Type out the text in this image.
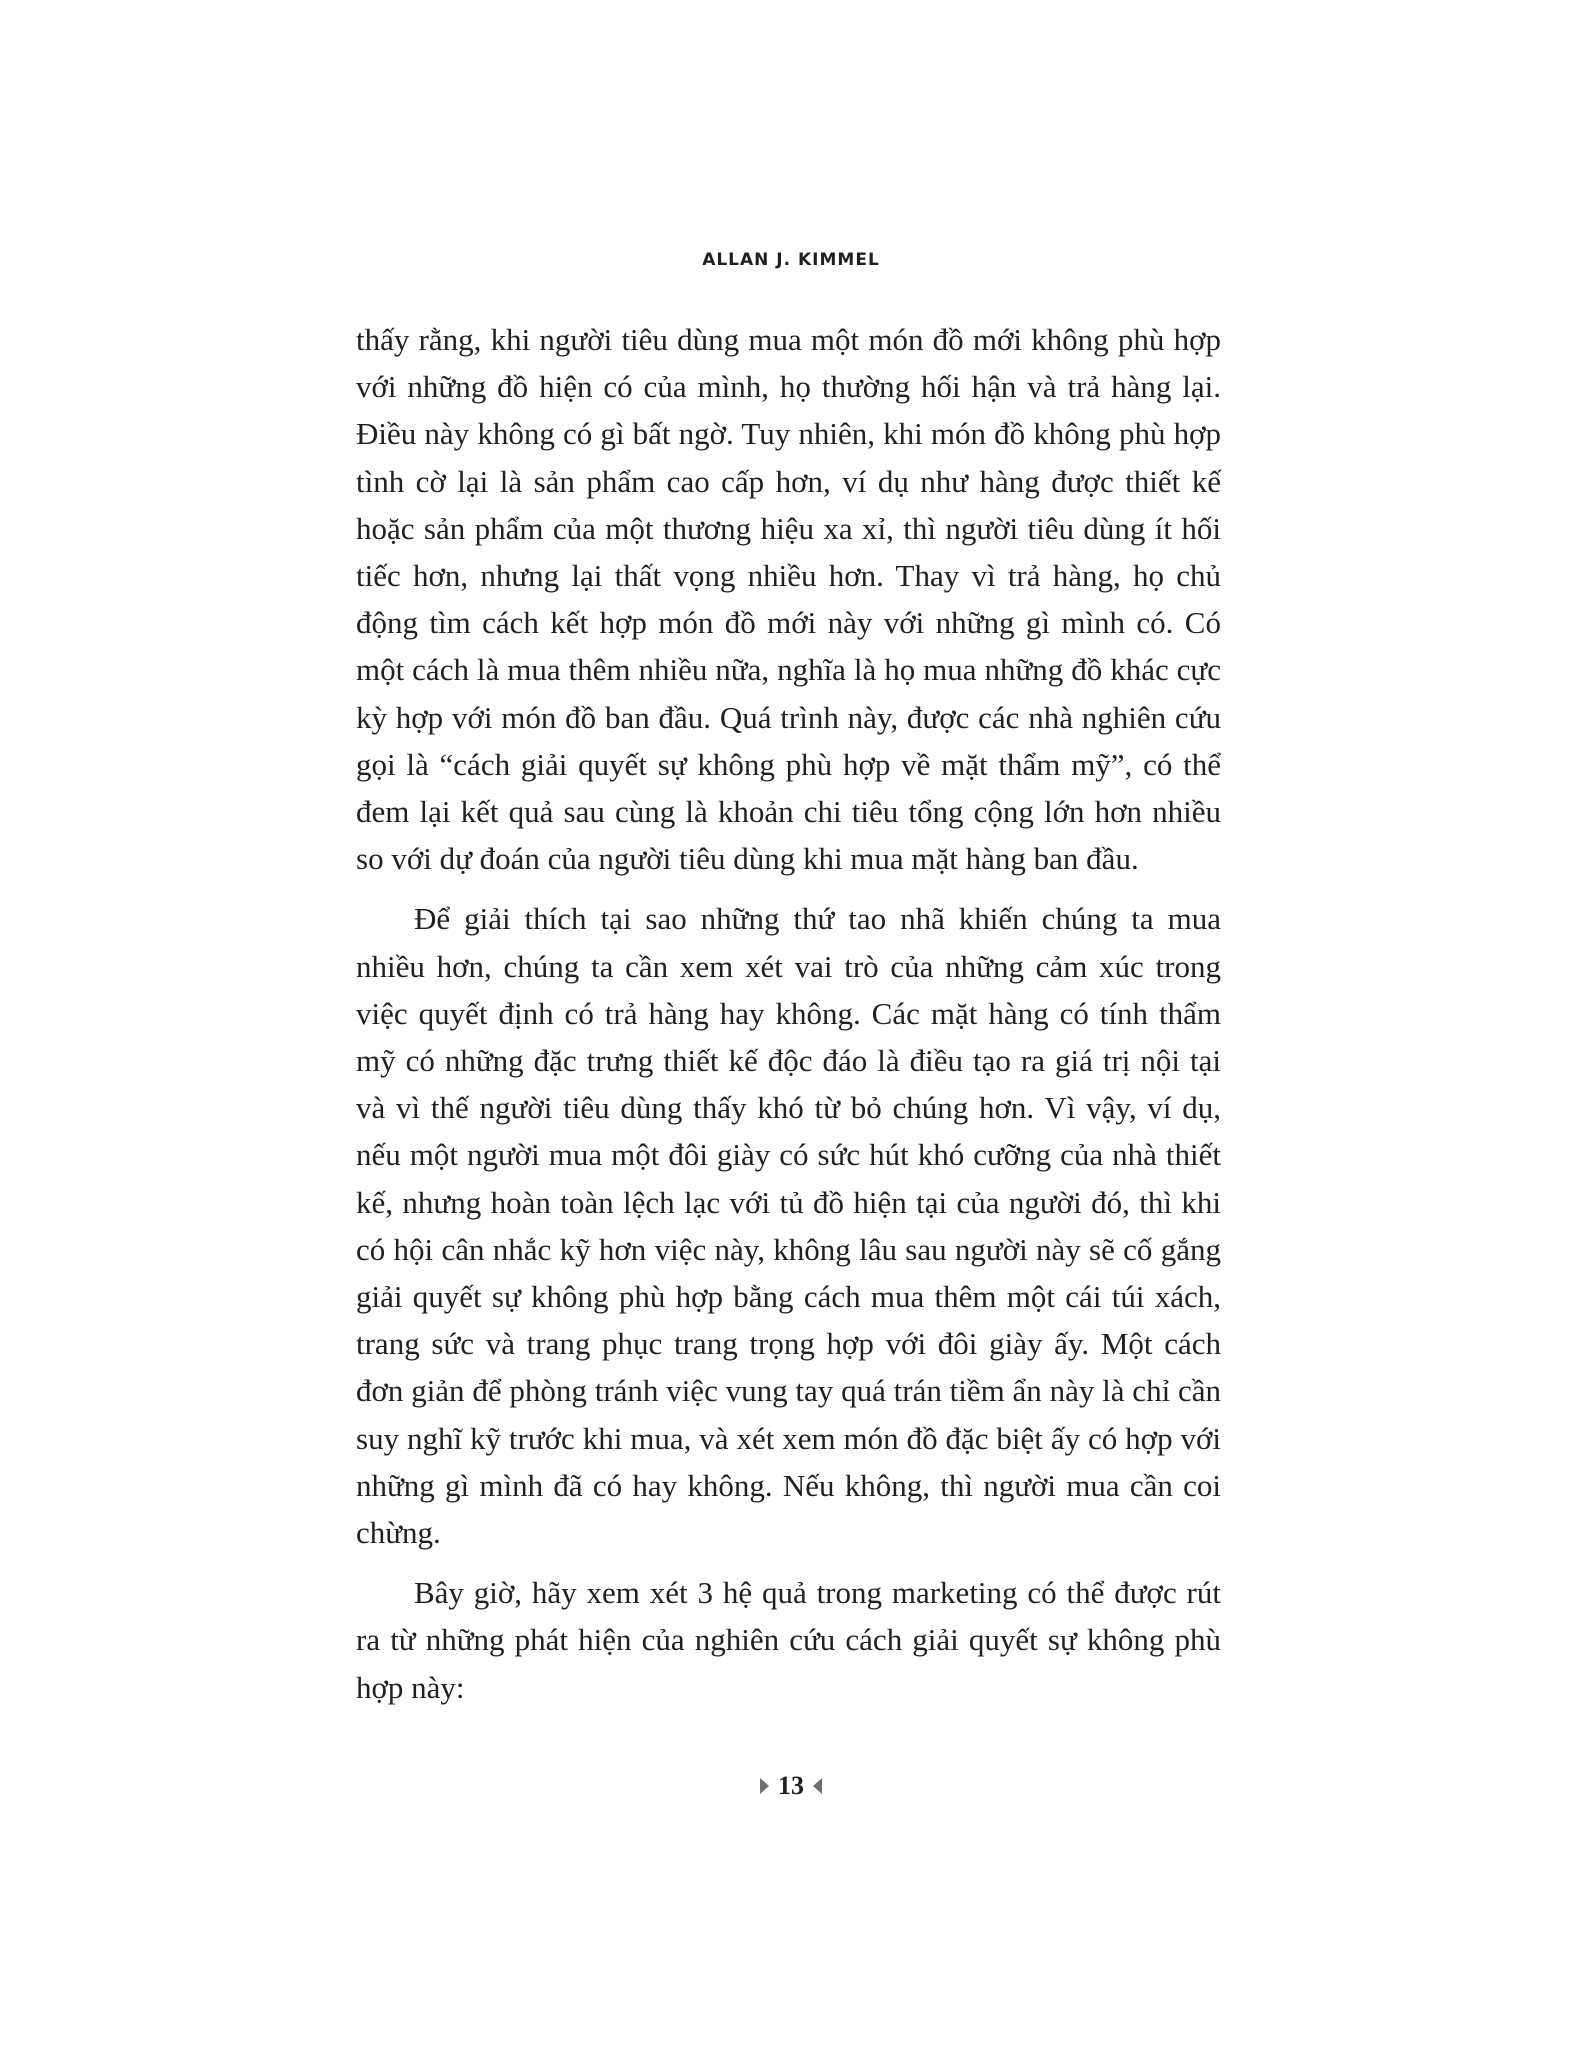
ALLAN J. KIMMEL

thấy rằng, khi người tiêu dùng mua một món đồ mới không phù hợp với những đồ hiện có của mình, họ thường hối hận và trả hàng lại. Điều này không có gì bất ngờ. Tuy nhiên, khi món đồ không phù hợp tình cờ lại là sản phẩm cao cấp hơn, ví dụ như hàng được thiết kế hoặc sản phẩm của một thương hiệu xa xỉ, thì người tiêu dùng ít hối tiếc hơn, nhưng lại thất vọng nhiều hơn. Thay vì trả hàng, họ chủ động tìm cách kết hợp món đồ mới này với những gì mình có. Có một cách là mua thêm nhiều nữa, nghĩa là họ mua những đồ khác cực kỳ hợp với món đồ ban đầu. Quá trình này, được các nhà nghiên cứu gọi là “cách giải quyết sự không phù hợp về mặt thẩm mỹ”, có thể đem lại kết quả sau cùng là khoản chi tiêu tổng cộng lớn hơn nhiều so với dự đoán của người tiêu dùng khi mua mặt hàng ban đầu.

Để giải thích tại sao những thứ tao nhã khiến chúng ta mua nhiều hơn, chúng ta cần xem xét vai trò của những cảm xúc trong việc quyết định có trả hàng hay không. Các mặt hàng có tính thẩm mỹ có những đặc trưng thiết kế độc đáo là điều tạo ra giá trị nội tại và vì thế người tiêu dùng thấy khó từ bỏ chúng hơn. Vì vậy, ví dụ, nếu một người mua một đôi giày có sức hút khó cưỡng của nhà thiết kế, nhưng hoàn toàn lệch lạc với tủ đồ hiện tại của người đó, thì khi có hội cân nhắc kỹ hơn việc này, không lâu sau người này sẽ cố gắng giải quyết sự không phù hợp bằng cách mua thêm một cái túi xách, trang sức và trang phục trang trọng hợp với đôi giày ấy. Một cách đơn giản để phòng tránh việc vung tay quá trán tiềm ẩn này là chỉ cần suy nghĩ kỹ trước khi mua, và xét xem món đồ đặc biệt ấy có hợp với những gì mình đã có hay không. Nếu không, thì người mua cần coi chừng.

Bây giờ, hãy xem xét 3 hệ quả trong marketing có thể được rút ra từ những phát hiện của nghiên cứu cách giải quyết sự không phù hợp này:

13
